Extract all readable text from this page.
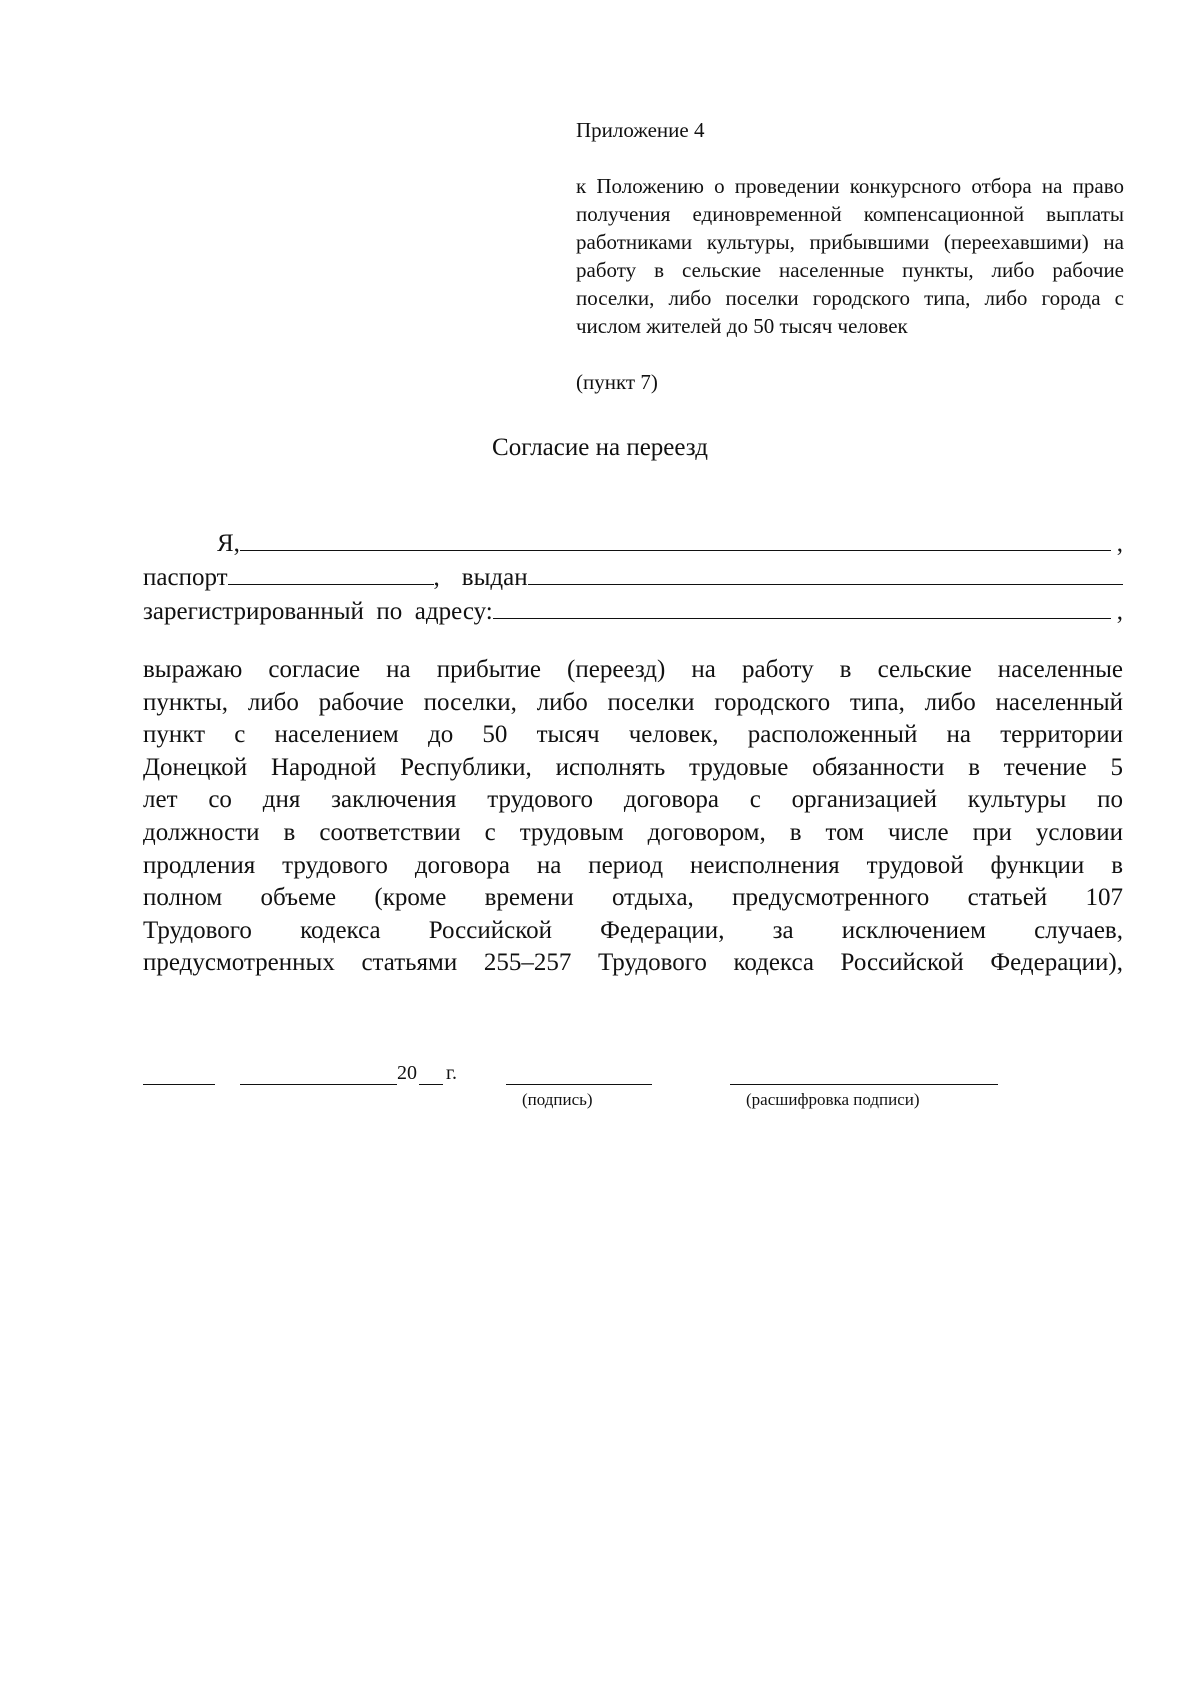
Приложение 4
к Положению о проведении конкурсного отбора на право получения единовременной компенсационной выплаты работниками культуры, прибывшими (переехавшими) на работу в сельские населенные пункты, либо рабочие поселки, либо поселки городского типа, либо города с числом жителей до 50 тысяч человек
(пункт 7)
Согласие на переезд
Я,	,
паспорт	, выдан
зарегистрированный  по  адресу:	,
выражаю согласие на прибытие (переезд) на работу в сельские населенные
пункты, либо рабочие поселки, либо поселки городского типа, либо населенный
пункт с населением до 50 тысяч человек, расположенный на территории
Донецкой Народной Республики, исполнять трудовые обязанности в течение 5
лет со дня заключения трудового договора с организацией культуры по
должности в соответствии с трудовым договором, в том числе при условии
продления трудового договора на период неисполнения трудовой функции в
полном объеме (кроме времени отдыха, предусмотренного статьей 107
Трудового кодекса Российской Федерации, за исключением случаев,
предусмотренных статьями 255–257 Трудового кодекса Российской Федерации),
20 г.
(подпись)	(расшифровка подписи)
